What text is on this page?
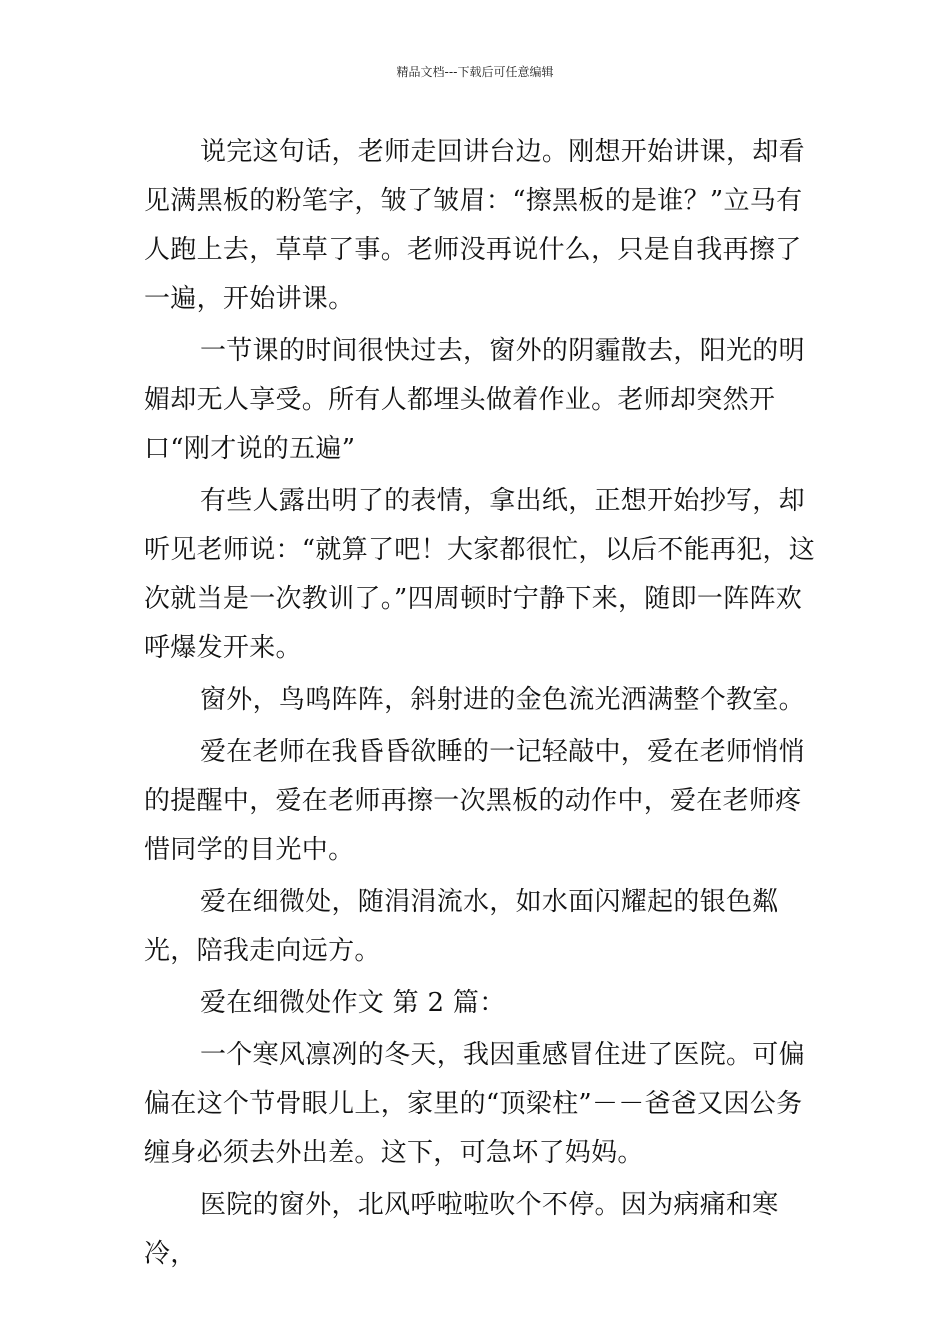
精品文档---下载后可任意编辑

说完这句话，老师走回讲台边。刚想开始讲课，却看见满黑板的粉笔字，皱了皱眉：“擦黑板的是谁？”立马有人跑上去，草草了事。老师没再说什么，只是自我再擦了一遍，开始讲课。

一节课的时间很快过去，窗外的阴霾散去，阳光的明媚却无人享受。所有人都埋头做着作业。老师却突然开口“刚才说的五遍”

有些人露出明了的表情，拿出纸，正想开始抄写，却听见老师说：“就算了吧！大家都很忙，以后不能再犯，这次就当是一次教训了。”四周顿时宁静下来，随即一阵阵欢呼爆发开来。

窗外，鸟鸣阵阵，斜射进的金色流光洒满整个教室。

爱在老师在我昏昏欲睡的一记轻敲中，爱在老师悄悄的提醒中，爱在老师再擦一次黑板的动作中，爱在老师疼惜同学的目光中。

爱在细微处，随涓涓流水，如水面闪耀起的银色粼光，陪我走向远方。

爱在细微处作文 第 2 篇：

一个寒风凛冽的冬天，我因重感冒住进了医院。可偏偏在这个节骨眼儿上，家里的“顶梁柱”－－爸爸又因公务缠身必须去外出差。这下，可急坏了妈妈。

医院的窗外，北风呼啦啦吹个不停。因为病痛和寒冷，
